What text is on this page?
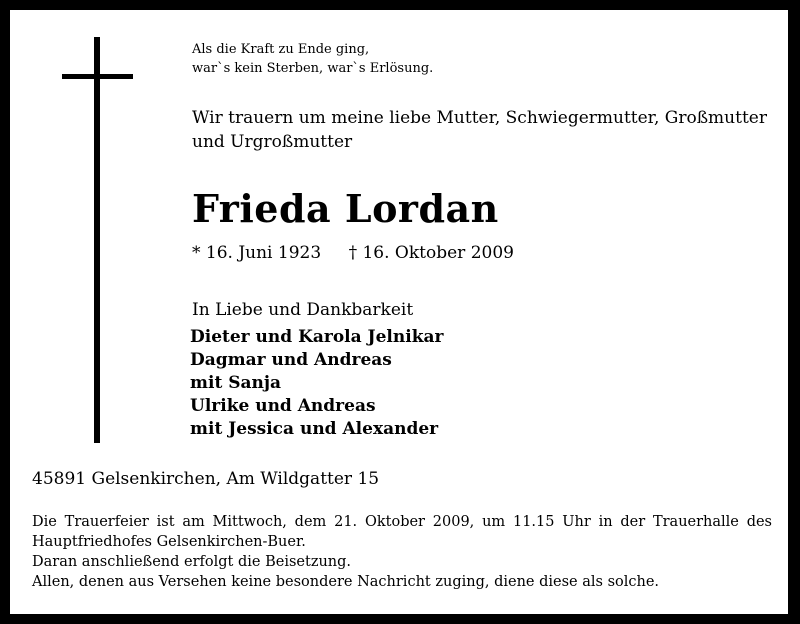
Als die Kraft zu Ende ging,
war`s kein Sterben, war`s Erlösung.
Wir trauern um meine liebe Mutter, Schwiegermutter, Großmutter
und Urgroßmutter
Frieda Lordan
* 16. Juni 1923 † 16. Oktober 2009
In Liebe und Dankbarkeit
Dieter und Karola Jelnikar
Dagmar und Andreas
mit Sanja
Ulrike und Andreas
mit Jessica und Alexander
45891 Gelsenkirchen, Am Wildgatter 15
Die Trauerfeier ist am Mittwoch, dem 21. Oktober 2009, um 11.15 Uhr in der Trauerhalle des Hauptfriedhofes Gelsenkirchen-Buer.
Daran anschließend erfolgt die Beisetzung.
Allen, denen aus Versehen keine besondere Nachricht zuging, diene diese als solche.
